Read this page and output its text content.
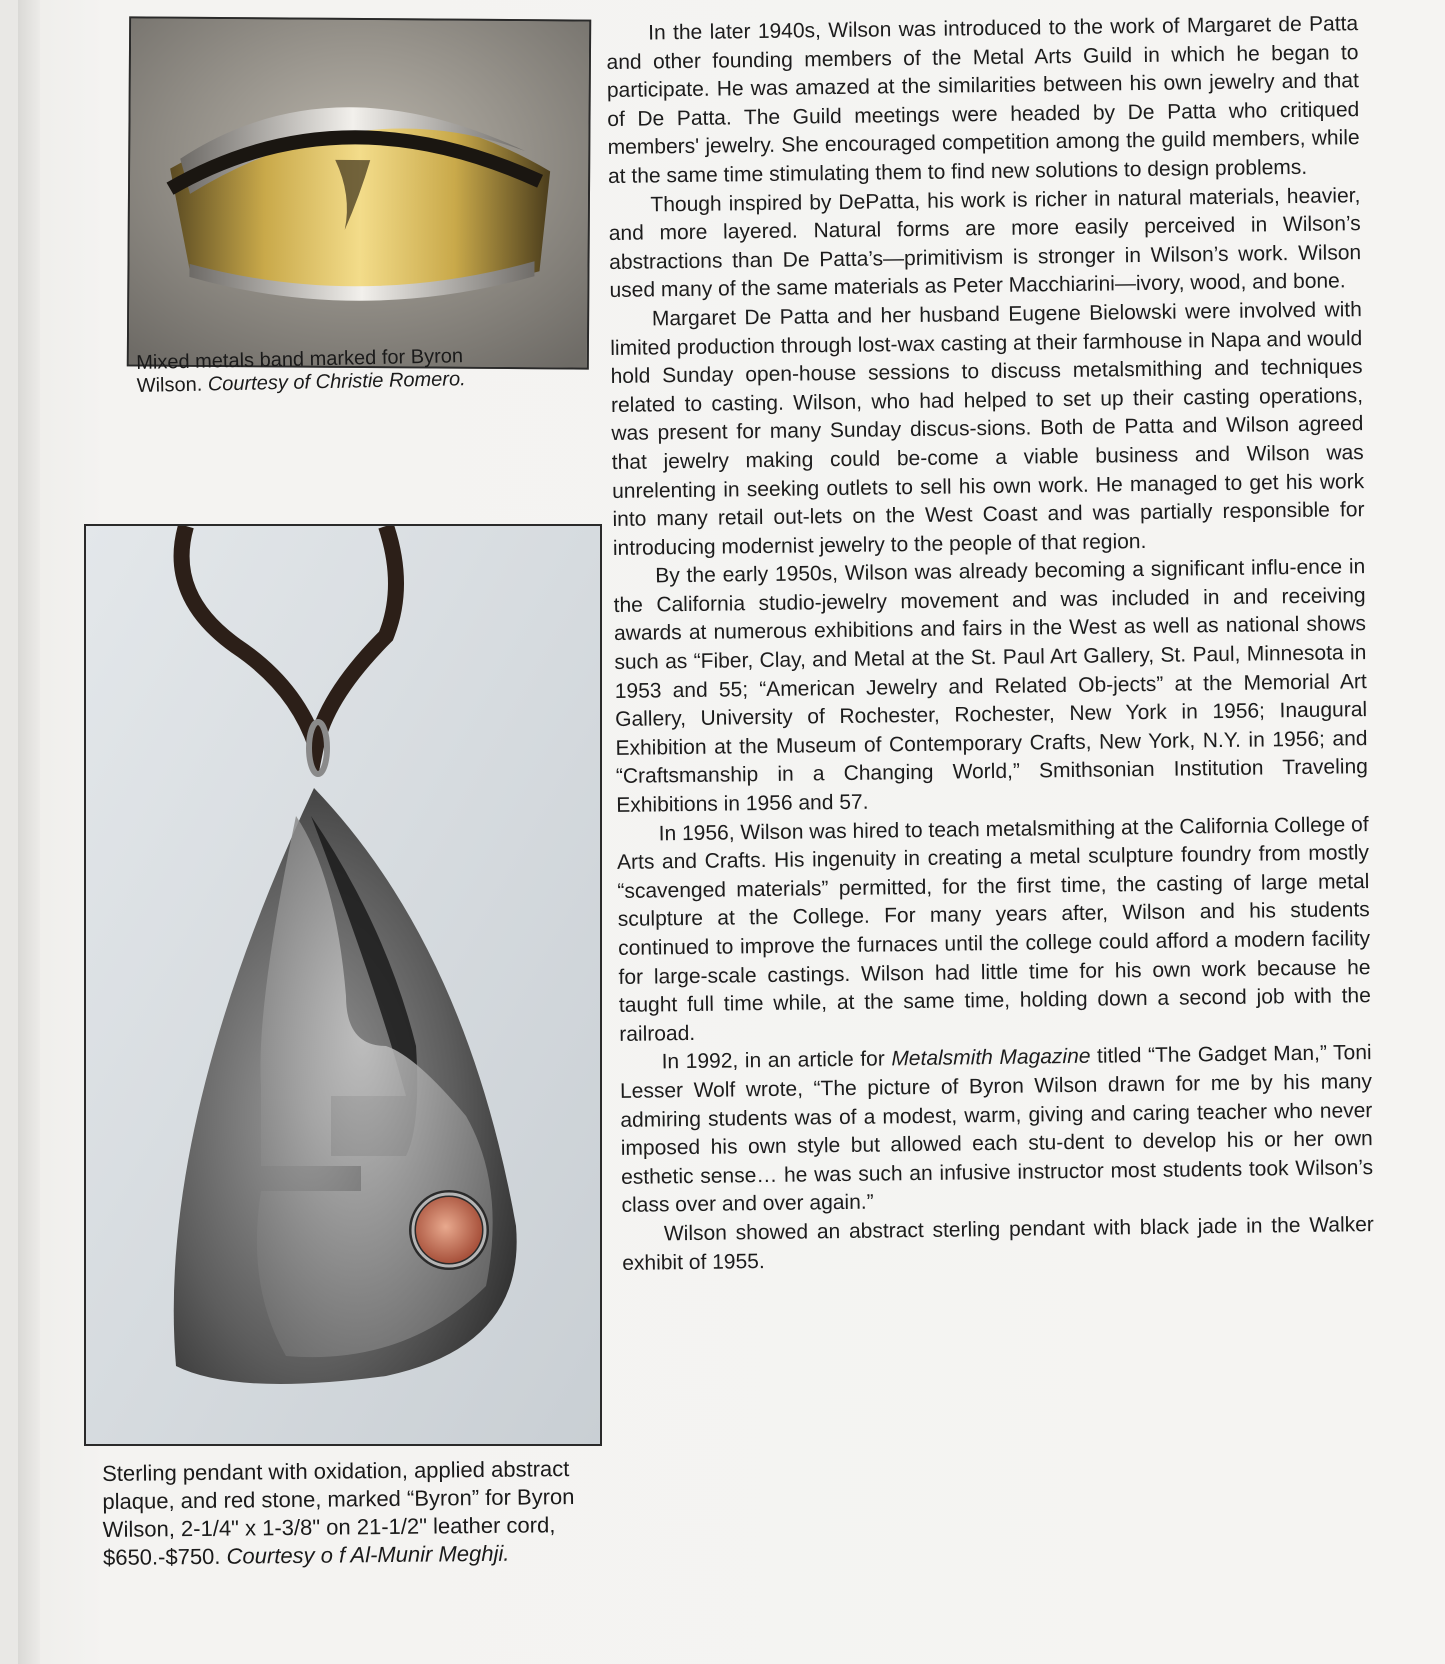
Mixed metals band marked for Byron Wilson. Courtesy of Christie Romero.
Sterling pendant with oxidation, applied abstract plaque, and red stone, marked “Byron” for Byron Wilson, 2-1/4" x 1-3/8" on 21-1/2" leather cord, $650.-$750. Courtesy o f Al-Munir Meghji.

In the later 1940s, Wilson was introduced to the work of Margaret de Patta and other founding members of the Metal Arts Guild in which he began to participate. He was amazed at the similarities between his own jewelry and that of De Patta. The Guild meetings were headed by De Patta who critiqued members' jewelry. She encouraged competition among the guild members, while at the same time stimulating them to find new solutions to design problems.

Though inspired by DePatta, his work is richer in natural materials, heavier, and more layered. Natural forms are more easily perceived in Wilson’s abstractions than De Patta’s—primitivism is stronger in Wilson’s work. Wilson used many of the same materials as Peter Macchiarini—ivory, wood, and bone.

Margaret De Patta and her husband Eugene Bielowski were involved with limited production through lost-wax casting at their farmhouse in Napa and would hold Sunday open-house sessions to discuss metalsmithing and techniques related to casting. Wilson, who had helped to set up their casting operations, was present for many Sunday discus-sions. Both de Patta and Wilson agreed that jewelry making could be-come a viable business and Wilson was unrelenting in seeking outlets to sell his own work. He managed to get his work into many retail out-lets on the West Coast and was partially responsible for introducing modernist jewelry to the people of that region.

By the early 1950s, Wilson was already becoming a significant influ-ence in the California studio-jewelry movement and was included in and receiving awards at numerous exhibitions and fairs in the West as well as national shows such as “Fiber, Clay, and Metal at the St. Paul Art Gallery, St. Paul, Minnesota in 1953 and 55; “American Jewelry and Related Ob-jects” at the Memorial Art Gallery, University of Rochester, Rochester, New York in 1956; Inaugural Exhibition at the Museum of Contemporary Crafts, New York, N.Y. in 1956; and “Craftsmanship in a Changing World,” Smithsonian Institution Traveling Exhibitions in 1956 and 57.

In 1956, Wilson was hired to teach metalsmithing at the California College of Arts and Crafts. His ingenuity in creating a metal sculpture foundry from mostly “scavenged materials” permitted, for the first time, the casting of large metal sculpture at the College. For many years after, Wilson and his students continued to improve the furnaces until the college could afford a modern facility for large-scale castings. Wilson had little time for his own work because he taught full time while, at the same time, holding down a second job with the railroad.

In 1992, in an article for Metalsmith Magazine titled “The Gadget Man,” Toni Lesser Wolf wrote, “The picture of Byron Wilson drawn for me by his many admiring students was of a modest, warm, giving and caring teacher who never imposed his own style but allowed each stu-dent to develop his or her own esthetic sense… he was such an infusive instructor most students took Wilson’s class over and over again.”

Wilson showed an abstract sterling pendant with black jade in the Walker exhibit of 1955.
